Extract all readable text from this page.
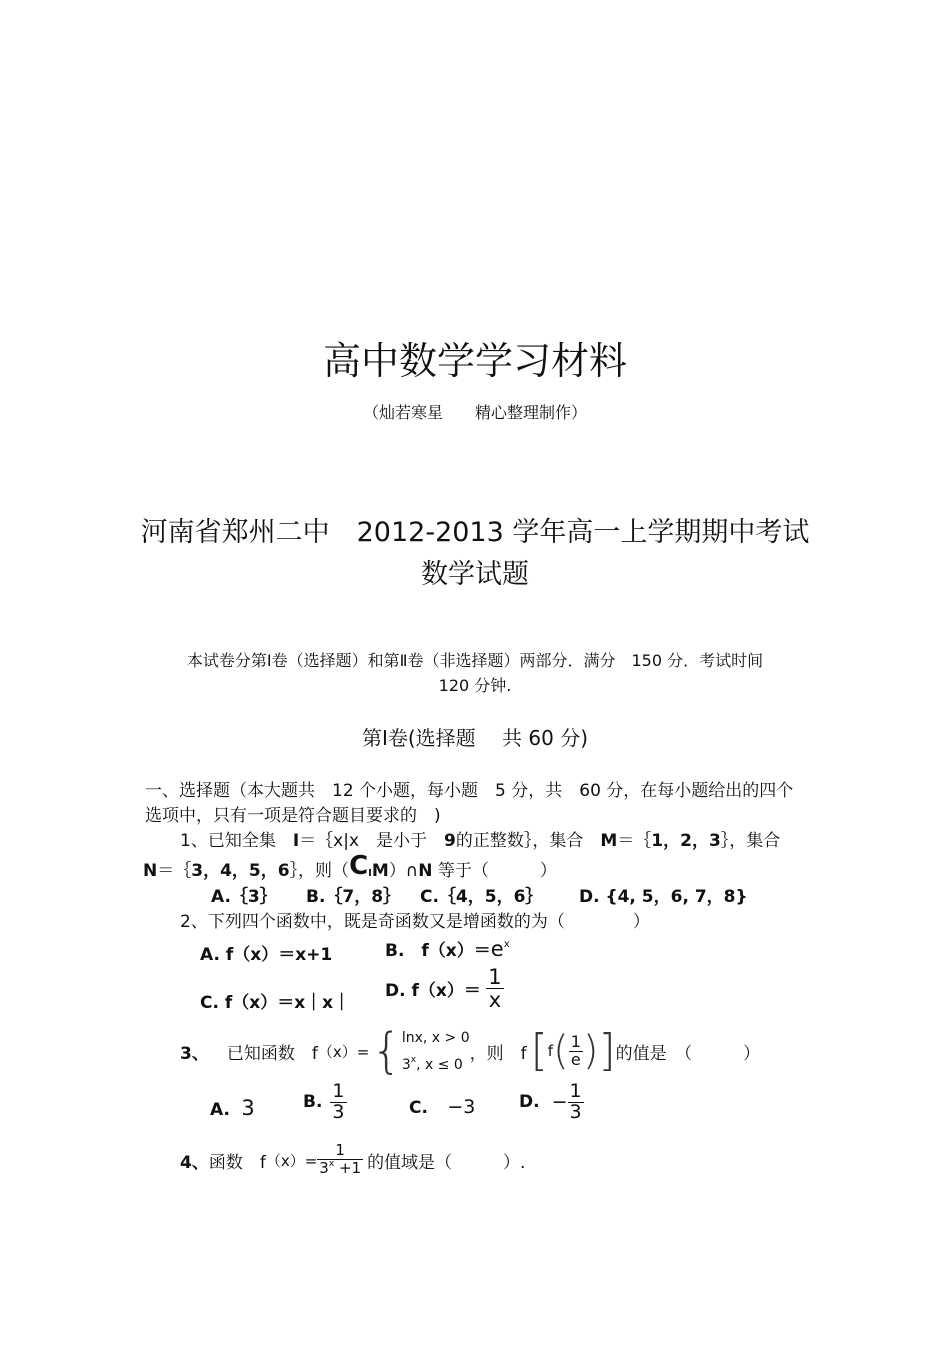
高中数学学习材料
（灿若寒星　　精心整理制作）
河南省郑州二中　2012-2013 学年高一上学期期中考试
数学试题
本试卷分第Ⅰ卷（选择题）和第Ⅱ卷（非选择题）两部分．满分　150 分．考试时间
120 分钟.
第Ⅰ卷(选择题　 共 60 分)
一、选择题（本大题共　12 个小题，每小题　5 分，共　60 分，在每小题给出的四个
选项中，只有一项是符合题目要求的　)
1、已知全集　I＝｛x|x　是小于　9的正整数｝，集合　M＝｛1，2，3｝，集合
N＝｛3，4，5，6｝，则（CIM）∩N 等于（　　　）
A.｛3｝ B.｛7，8｝ C.｛4，5，6｝ D. {4, 5，6, 7，8}
2、下列四个函数中，既是奇函数又是增函数的为（　　　　）
A. f（x）＝x+1	B.　$f(x)=e^x$
C. f（x）＝x｜x｜
D. $f(x)= \frac{1}{x}$
3、 已知函数　f （x）= { lnx, x > 0
3$^x$, x ≤ 0
，则　f [ f ( $\frac{1}{e}$ ) ] 的值是　（　　　）
A. 3	B. $\frac{1}{3}$	C. −3	D. − $\frac{1}{3}$
4、 函数　f $(x)= \frac{1}{3^x +1}$ 的值域是（　　　）.
